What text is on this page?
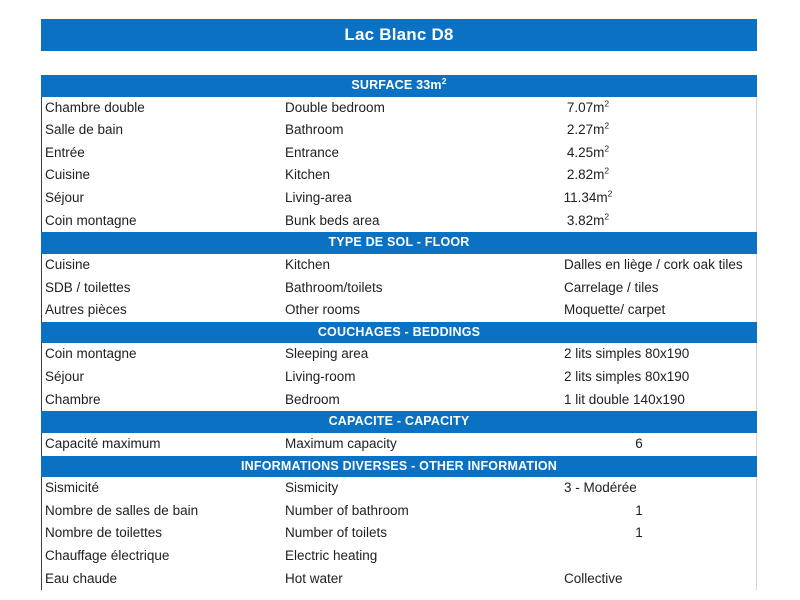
Lac Blanc D8
SURFACE $33m^2$
Chambre double	Double bedroom	$7.07m^2$
Salle de bain	Bathroom	$2.27m^2$
Entrée	Entrance	$4.25m^2$
Cuisine	Kitchen	$2.82m^2$
Séjour	Living-area	$11.34m^2$
Coin montagne	Bunk beds area	$3.82m^2$
TYPE DE SOL - FLOOR
Cuisine	Kitchen	Dalles en liège / cork oak tiles
SDB / toilettes	Bathroom/toilets	Carrelage / tiles
Autres pièces	Other rooms	Moquette/ carpet
COUCHAGES - BEDDINGS
Coin montagne	Sleeping area	2 lits simples 80x190
Séjour	Living-room	2 lits simples 80x190
Chambre	Bedroom	1 lit double 140x190
CAPACITE - CAPACITY
Capacité maximum	Maximum capacity	6
INFORMATIONS DIVERSES - OTHER INFORMATION
Sismicité	Sismicity	3 - Modérée
Nombre de salles de bain	Number of bathroom	1
Nombre de toilettes	Number of toilets	1
Chauffage électrique	Electric heating
Eau chaude	Hot water	Collective
